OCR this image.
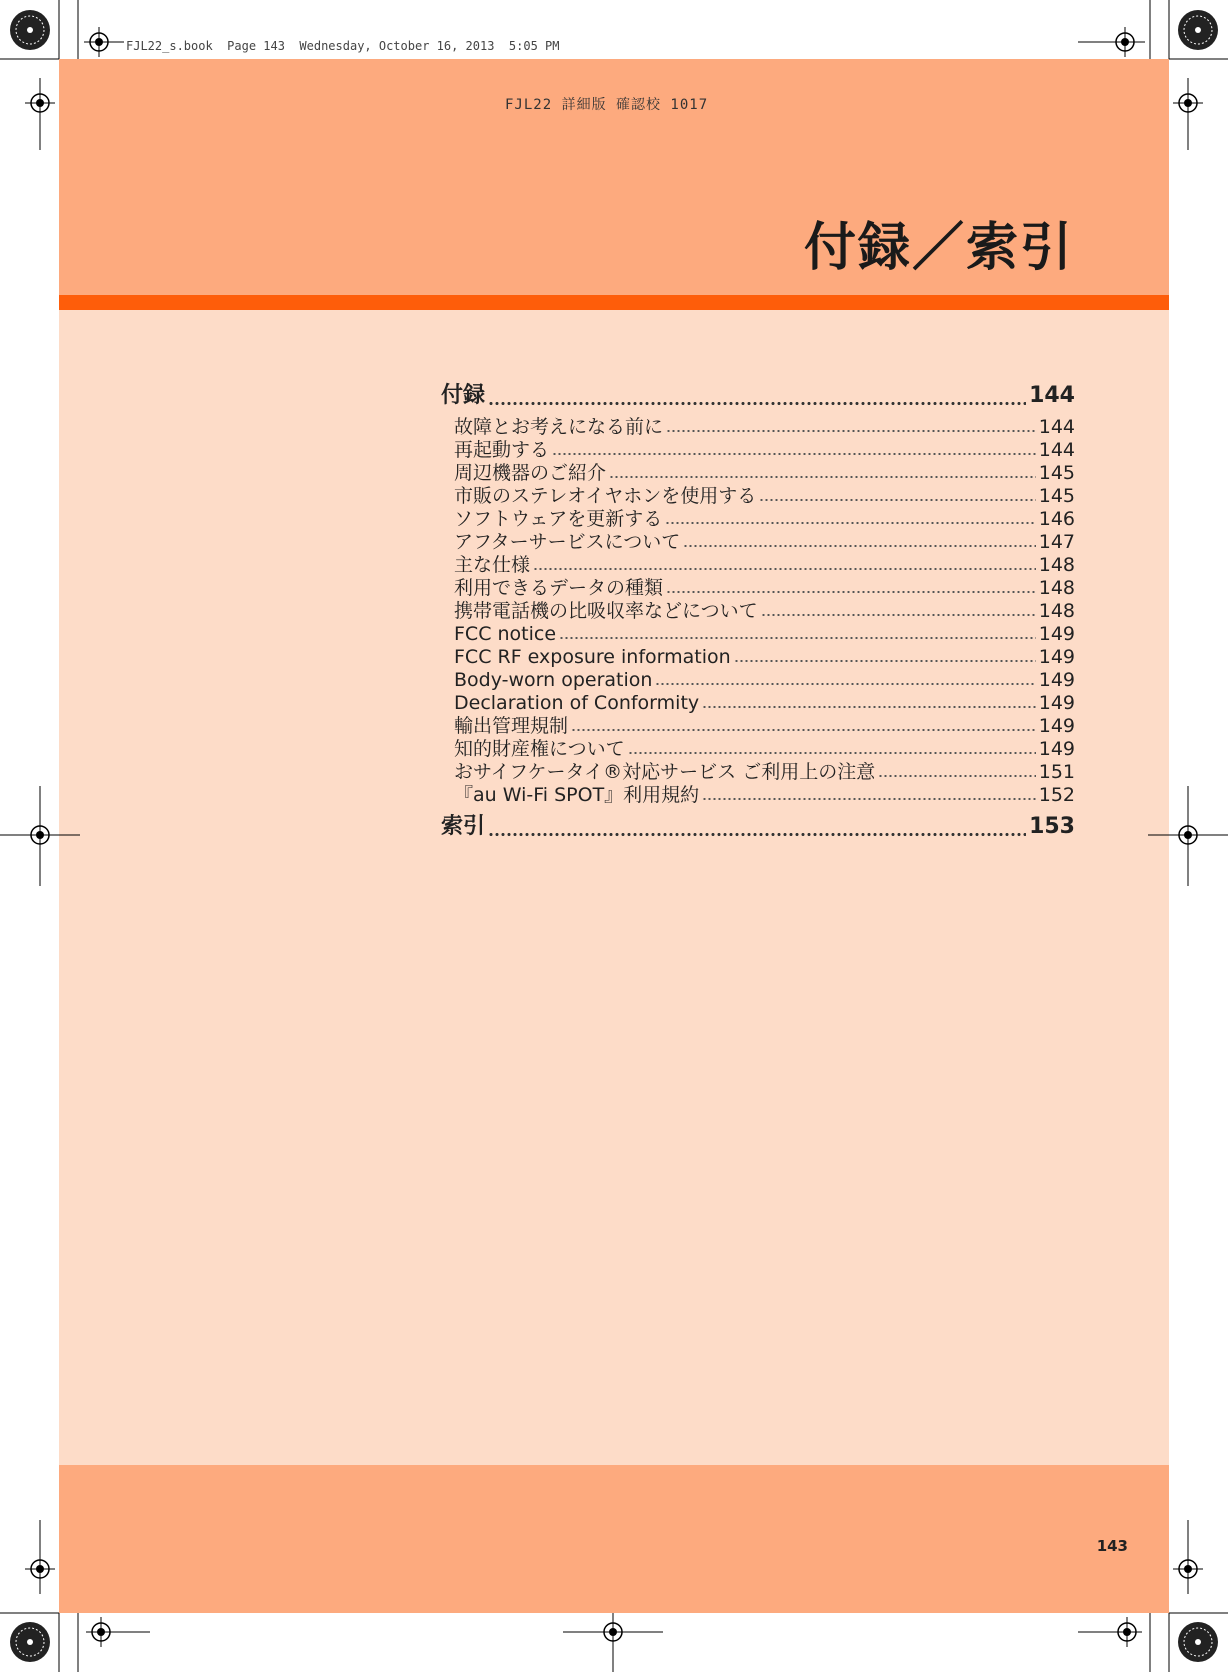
FJL22_s.book  Page 143  Wednesday, October 16, 2013  5:05 PM
FJL22 詳細版 確認校 1017
付録／索引
付録	144
故障とお考えになる前に	144
再起動する	144
周辺機器のご紹介	145
市販のステレオイヤホンを使用する	145
ソフトウェアを更新する	146
アフターサービスについて	147
主な仕様	148
利用できるデータの種類	148
携帯電話機の比吸収率などについて	148
FCC notice	149
FCC RF exposure information	149
Body-worn operation	149
Declaration of Conformity	149
輸出管理規制	149
知的財産権について	149
おサイフケータイ®対応サービス ご利用上の注意	151
『au Wi-Fi SPOT』利用規約	152
索引	153
143
